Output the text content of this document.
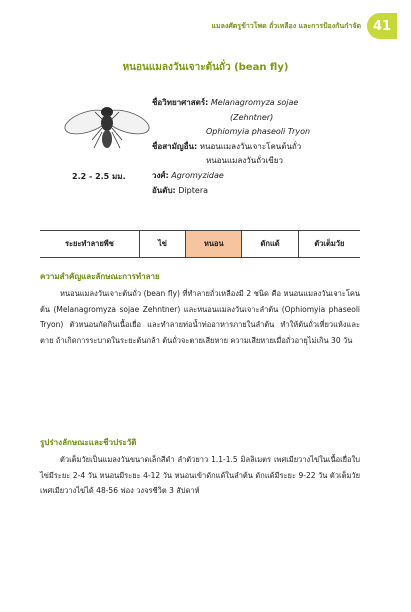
แมลงศัตรูข้าวโพด ถั่วเหลือง และการป้องกันกำจัด 41
หนอนแมลงวันเจาะต้นถั่ว (bean fly)
2.2 - 2.5 มม.
ชื่อวิทยาศาสตร์: Melanagromyza sojae
(Zehntner)
Ophiomyia phaseoli Tryon
ชื่อสามัญอื่น: หนอนแมลงวันเจาะโคนต้นถั่ว
หนอนแมลงวันถั่วเขียว
วงศ์: Agromyzidae
อันดับ: Diptera
ระยะทำลายพืช	ไข่	หนอน	ดักแด้	ตัวเต็มวัย
ความสำคัญและลักษณะการทำลาย
หนอนแมลงวันเจาะต้นถั่ว (bean fly) ที่ทำลายถั่วเหลืองมี 2 ชนิด คือ หนอนแมลงวันเจาะโคนต้น (Melanagromyza sojae Zehntner) และหนอนแมลงวันเจาะลำต้น (Ophiomyia phaseoli Tryon) ตัวหนอนกัดกินเนื้อเยื่อ และทำลายท่อน้ำท่ออาหารภายในลำต้น ทำให้ต้นถั่วเหี่ยวแห้งและตาย ถ้าเกิดการระบาดในระยะต้นกล้า ต้นถั่วจะตายเสียหาย ความเสียหายเมื่อถั่วอายุไม่เกิน 30 วัน
รูปร่างลักษณะและชีวประวัติ
ตัวเต็มวัยเป็นแมลงวันขนาดเล็กสีดำ ลำตัวยาว 1.1-1.5 มิลลิเมตร เพศเมียวางไข่ในเนื้อเยื่อใบ ไข่มีระยะ 2-4 วัน หนอนมีระยะ 4-12 วัน หนอนเข้าดักแด้ในลำต้น ดักแด้มีระยะ 9-22 วัน ตัวเต็มวัยเพศเมียวางไข่ได้ 48-56 ฟอง วงจรชีวิต 3 สัปดาห์
